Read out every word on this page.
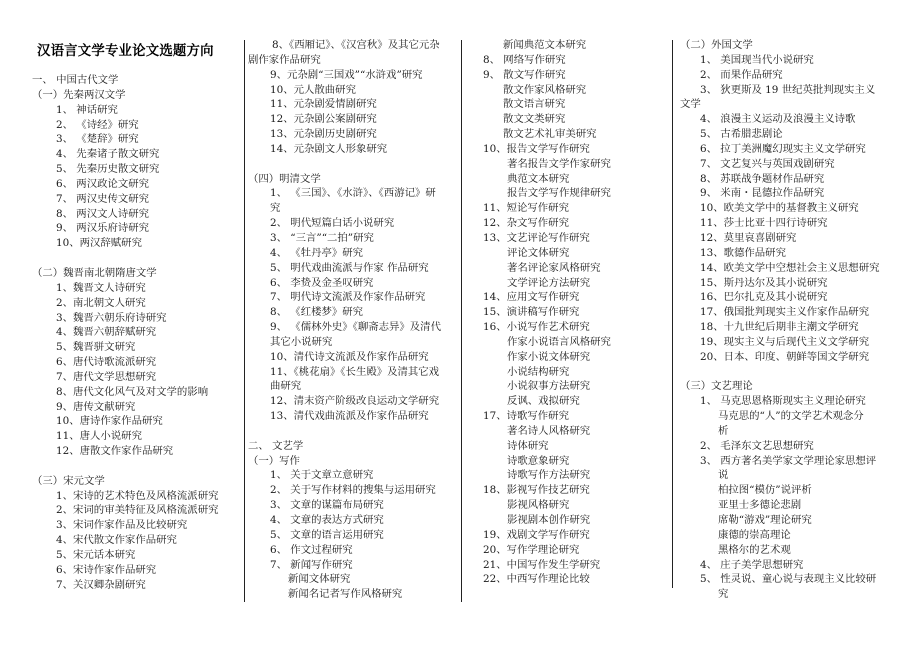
汉语言文学专业论文选题方向
一、 中国古代文学
（一）先秦两汉文学
1、 神话研究
2、 《诗经》研究
3、 《楚辞》研究
4、 先秦诸子散文研究
5、 先秦历史散文研究
6、 两汉政论文研究
7、 两汉史传文研究
8、 两汉文人诗研究
9、 两汉乐府诗研究
10、两汉辞赋研究
（二）魏晋南北朝隋唐文学
1、魏晋文人诗研究
2、南北朝文人研究
3、魏晋六朝乐府诗研究
4、魏晋六朝辞赋研究
5、魏晋骈文研究
6、唐代诗歌流派研究
7、唐代文学思想研究
8、唐代文化风气及对文学的影响
9、唐传文献研究
10、唐诗作家作品研究
11、唐人小说研究
12、唐散文作家作品研究
（三）宋元文学
1、宋诗的艺术特色及风格流派研究
2、宋词的审美特征及风格流派研究
3、宋词作家作品及比较研究
4、宋代散文作家作品研究
5、宋元话本研究
6、宋诗作家作品研究
7、关汉卿杂剧研究
8、《西厢记》、《汉宫秋》及其它元杂
剧作家作品研究
9、元杂剧“三国戏”“水浒戏”研究
10、元人散曲研究
11、元杂剧爱情剧研究
12、元杂剧公案剧研究
13、元杂剧历史剧研究
14、元杂剧文人形象研究
（四）明清文学
1、 《三国》、《水浒》、《西游记》研
究
2、 明代短篇白话小说研究
3、 “三言”“二拍”研究
4、 《牡丹亭》研究
5、 明代戏曲流派与作家 作品研究
6、 李贽及金圣叹研究
7、 明代诗文流派及作家作品研究
8、 《红楼梦》研究
9、 《儒林外史》《聊斋志异》及清代
其它小说研究
10、清代诗文流派及作家作品研究
11、《桃花扇》《长生殿》及清其它戏
曲研究
12、清末资产阶级改良运动文学研究
13、清代戏曲流派及作家作品研究
二、 文艺学
（一）写作
1、 关于文章立意研究
2、 关于写作材料的搜集与运用研究
3、 文章的谋篇布局研究
4、 文章的表达方式研究
5、 文章的语言运用研究
6、 作文过程研究
7、 新闻写作研究
新闻文体研究
新闻名记者写作风格研究
新闻典范文本研究
8、 网络写作研究
9、 散文写作研究
散文作家风格研究
散文语言研究
散文文类研究
散文艺术礼审美研究
10、报告文学写作研究
著名报告文学作家研究
典范文本研究
报告文学写作规律研究
11、短论写作研究
12、杂文写作研究
13、文艺评论写作研究
评论文体研究
著名评论家风格研究
文学评论方法研究
14、应用文写作研究
15、演讲稿写作研究
16、小说写作艺术研究
作家小说语言风格研究
作家小说文体研究
小说结构研究
小说叙事方法研究
反讽、戏拟研究
17、诗歌写作研究
著名诗人风格研究
诗体研究
诗歌意象研究
诗歌写作方法研究
18、影视写作技艺研究
影视风格研究
影视剧本创作研究
19、戏剧文学写作研究
20、写作学理论研究
21、中国写作发生学研究
22、中西写作理论比较
（二）外国文学
1、 美国现当代小说研究
2、 而果作品研究
3、 狄更斯及 19 世纪英批判现实主义
文学
4、 浪漫主义运动及浪漫主义诗歌
5、 古希腊悲剧论
6、 拉丁美洲魔幻现实主义文学研究
7、 文艺复兴与英国戏剧研究
8、 苏联战争题材作品研究
9、 米南・昆德拉作品研究
10、欧美文学中的基督教主义研究
11、莎士比亚十四行诗研究
12、莫里哀喜剧研究
13、歌德作品研究
14、欧美文学中空想社会主义思想研究
15、斯丹达尔及其小说研究
16、巴尔扎克及其小说研究
17、俄国批判现实主义作家作品研究
18、十九世纪后期非主潮文学研究
19、现实主义与后现代主义文学研究
20、日本、印度、朝鲜等国文学研究
（三）文艺理论
1、 马克思恩格斯现实主义理论研究
马克思的“人”的文学艺术观念分
析
2、 毛泽东文艺思想研究
3、 西方著名美学家文学理论家思想评
说
柏拉图“模仿”说评析
亚里士多德论悲剧
席勒“游戏”理论研究
康德的崇高理论
黑格尔的艺术观
4、 庄子美学思想研究
5、 性灵说、童心说与表现主义比较研
究
